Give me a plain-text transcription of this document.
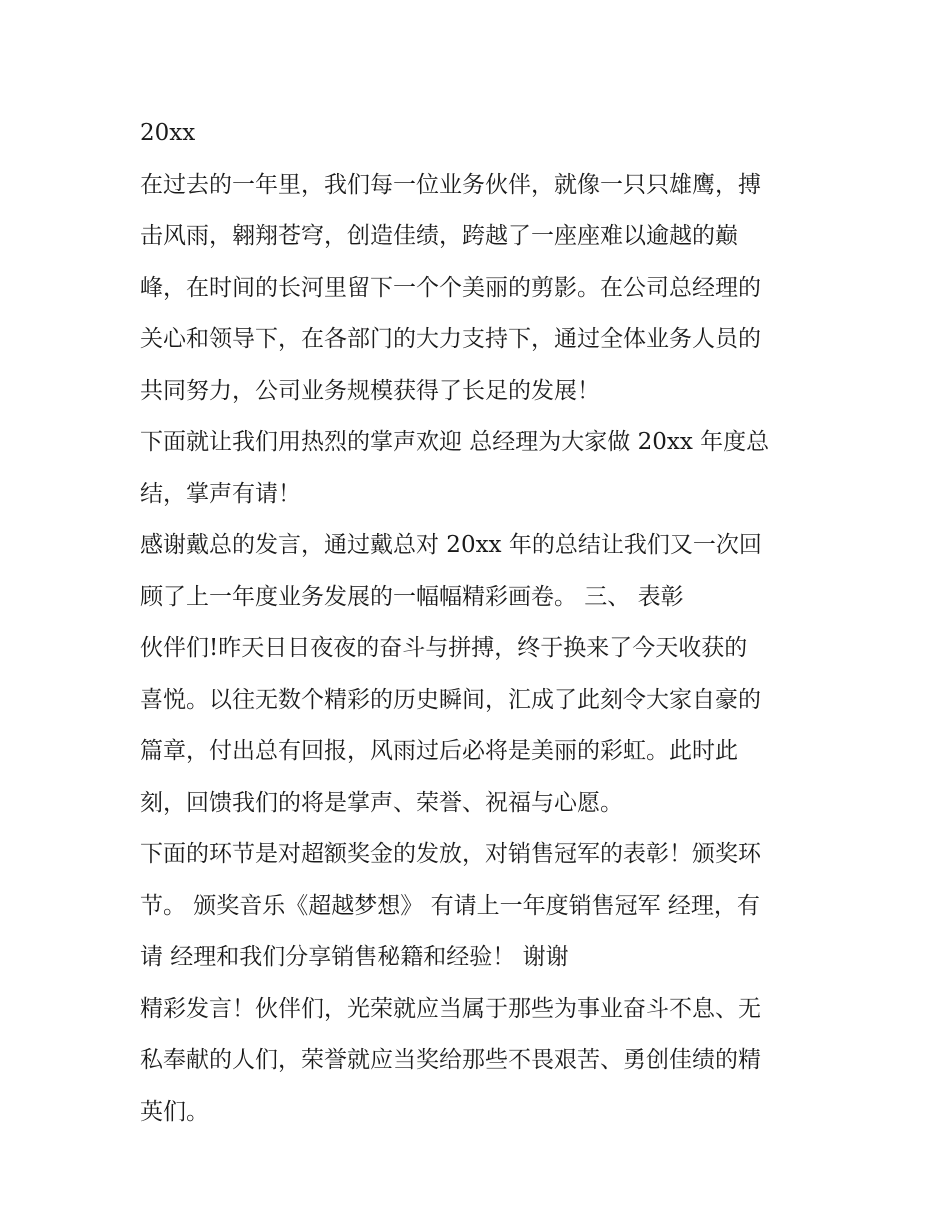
20xx
在过去的一年里，我们每一位业务伙伴，就像一只只雄鹰，搏
击风雨，翱翔苍穹，创造佳绩，跨越了一座座难以逾越的巅
峰，在时间的长河里留下一个个美丽的剪影。在公司总经理的
关心和领导下，在各部门的大力支持下，通过全体业务人员的
共同努力，公司业务规模获得了长足的发展！
下面就让我们用热烈的掌声欢迎 总经理为大家做 20xx 年度总
结，掌声有请！
感谢戴总的发言，通过戴总对 20xx 年的总结让我们又一次回
顾了上一年度业务发展的一幅幅精彩画卷。 三、 表彰
伙伴们!昨天日日夜夜的奋斗与拼搏，终于换来了今天收获的
喜悦。以往无数个精彩的历史瞬间，汇成了此刻令大家自豪的
篇章，付出总有回报，风雨过后必将是美丽的彩虹。此时此
刻，回馈我们的将是掌声、荣誉、祝福与心愿。
下面的环节是对超额奖金的发放，对销售冠军的表彰！颁奖环
节。 颁奖音乐《超越梦想》 有请上一年度销售冠军 经理，有
请 经理和我们分享销售秘籍和经验！ 谢谢
精彩发言！伙伴们，光荣就应当属于那些为事业奋斗不息、无
私奉献的人们，荣誉就应当奖给那些不畏艰苦、勇创佳绩的精
英们。
